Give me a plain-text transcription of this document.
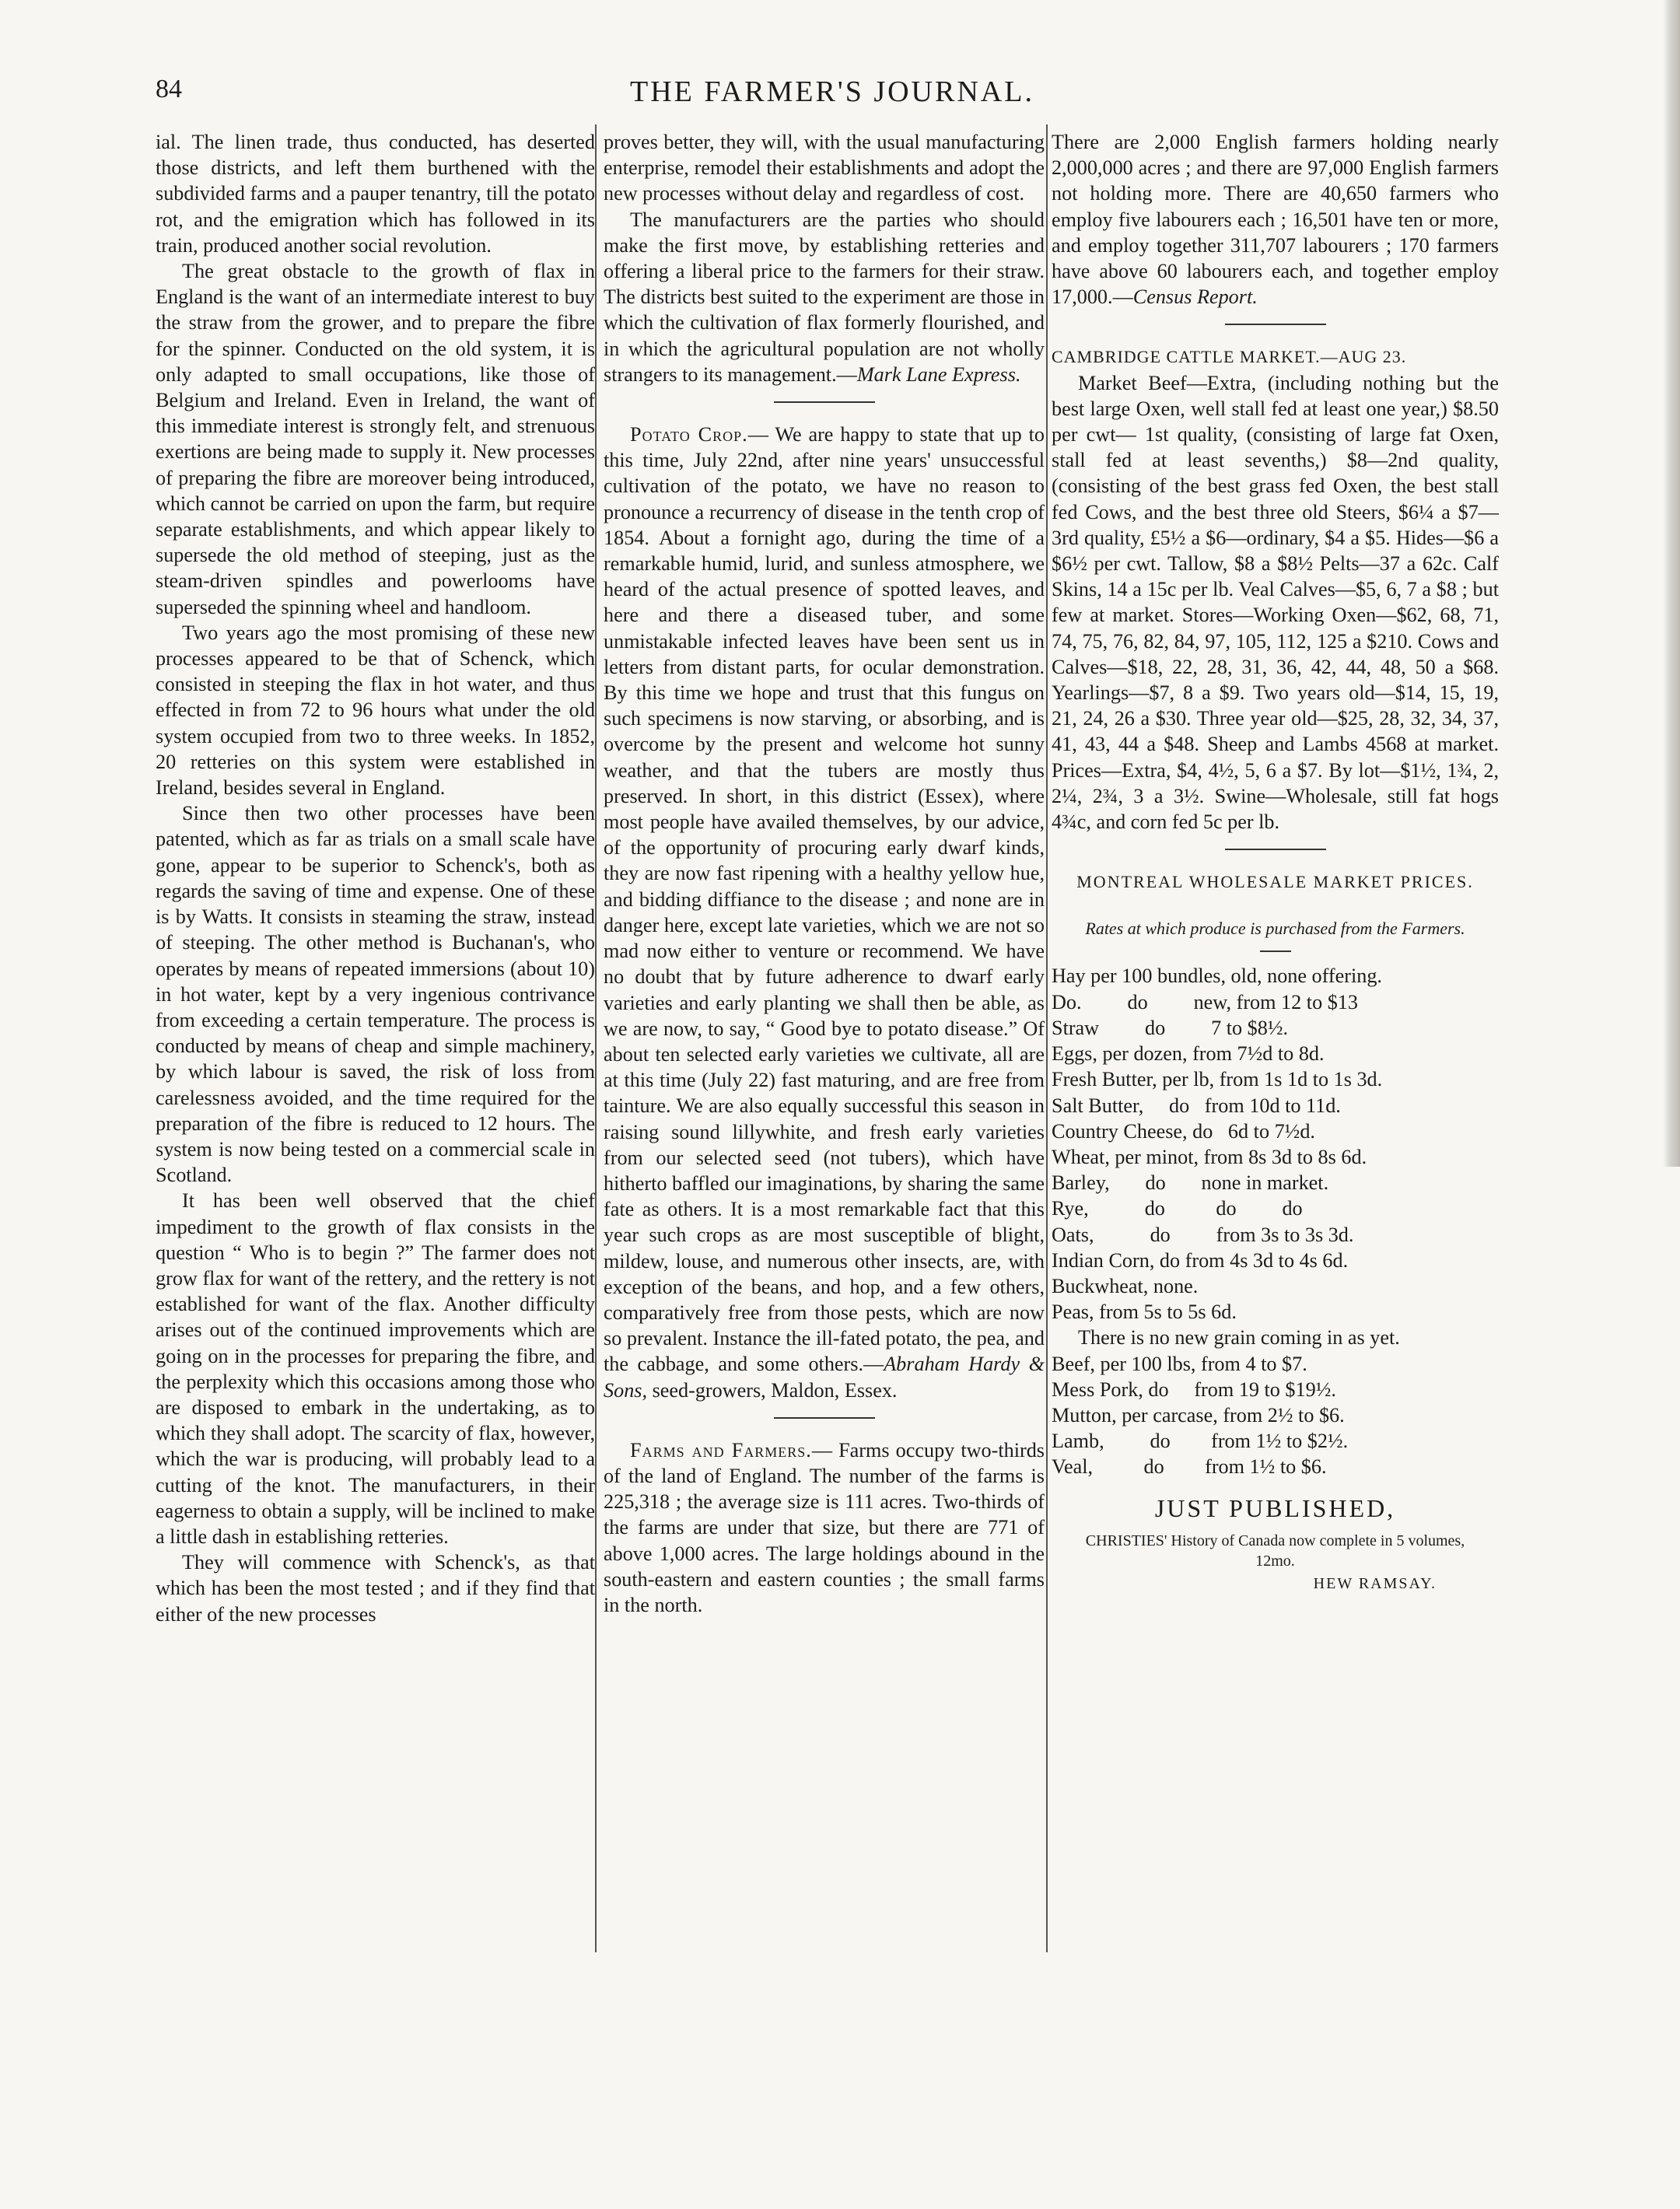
84	THE FARMER'S JOURNAL.

ial. The linen trade, thus conducted, has deserted those districts, and left them burthened with the subdivided farms and a pauper tenantry, till the potato rot, and the emigration which has followed in its train, produced another social revolution.

The great obstacle to the growth of flax in England is the want of an intermediate interest to buy the straw from the grower, and to prepare the fibre for the spinner. Conducted on the old system, it is only adapted to small occupations, like those of Belgium and Ireland. Even in Ireland, the want of this immediate interest is strongly felt, and strenuous exertions are being made to supply it. New processes of preparing the fibre are moreover being introduced, which cannot be carried on upon the farm, but require separate establishments, and which appear likely to supersede the old method of steeping, just as the steam-driven spindles and powerlooms have superseded the spinning wheel and handloom.

Two years ago the most promising of these new processes appeared to be that of Schenck, which consisted in steeping the flax in hot water, and thus effected in from 72 to 96 hours what under the old system occupied from two to three weeks. In 1852, 20 retteries on this system were established in Ireland, besides several in England.

Since then two other processes have been patented, which as far as trials on a small scale have gone, appear to be superior to Schenck's, both as regards the saving of time and expense. One of these is by Watts. It consists in steaming the straw, instead of steeping. The other method is Buchanan's, who operates by means of repeated immersions (about 10) in hot water, kept by a very ingenious contrivance from exceeding a certain temperature. The process is conducted by means of cheap and simple machinery, by which labour is saved, the risk of loss from carelessness avoided, and the time required for the preparation of the fibre is reduced to 12 hours. The system is now being tested on a commercial scale in Scotland.

It has been well observed that the chief impediment to the growth of flax consists in the question “ Who is to begin ?” The farmer does not grow flax for want of the rettery, and the rettery is not established for want of the flax. Another difficulty arises out of the continued improvements which are going on in the processes for preparing the fibre, and the perplexity which this occasions among those who are disposed to embark in the undertaking, as to which they shall adopt. The scarcity of flax, however, which the war is producing, will probably lead to a cutting of the knot. The manufacturers, in their eagerness to obtain a supply, will be inclined to make a little dash in establishing retteries.

They will commence with Schenck's, as that which has been the most tested ; and if they find that either of the new processes

proves better, they will, with the usual manufacturing enterprise, remodel their establishments and adopt the new processes without delay and regardless of cost.

The manufacturers are the parties who should make the first move, by establishing retteries and offering a liberal price to the farmers for their straw. The districts best suited to the experiment are those in which the cultivation of flax formerly flourished, and in which the agricultural population are not wholly strangers to its management.—Mark Lane Express.

Potato Crop.— We are happy to state that up to this time, July 22nd, after nine years' unsuccessful cultivation of the potato, we have no reason to pronounce a recurrency of disease in the tenth crop of 1854. About a fornight ago, during the time of a remarkable humid, lurid, and sunless atmosphere, we heard of the actual presence of spotted leaves, and here and there a diseased tuber, and some unmistakable infected leaves have been sent us in letters from distant parts, for ocular demonstration. By this time we hope and trust that this fungus on such specimens is now starving, or absorbing, and is overcome by the present and welcome hot sunny weather, and that the tubers are mostly thus preserved. In short, in this district (Essex), where most people have availed themselves, by our advice, of the opportunity of procuring early dwarf kinds, they are now fast ripening with a healthy yellow hue, and bidding diffiance to the disease ; and none are in danger here, except late varieties, which we are not so mad now either to venture or recommend. We have no doubt that by future adherence to dwarf early varieties and early planting we shall then be able, as we are now, to say, “ Good bye to potato disease.” Of about ten selected early varieties we cultivate, all are at this time (July 22) fast maturing, and are free from tainture. We are also equally successful this season in raising sound lillywhite, and fresh early varieties from our selected seed (not tubers), which have hitherto baffled our imaginations, by sharing the same fate as others. It is a most remarkable fact that this year such crops as are most susceptible of blight, mildew, louse, and numerous other insects, are, with exception of the beans, and hop, and a few others, comparatively free from those pests, which are now so prevalent. Instance the ill-fated potato, the pea, and the cabbage, and some others.—Abraham Hardy & Sons, seed-growers, Maldon, Essex.

Farms and Farmers.— Farms occupy two-thirds of the land of England. The number of the farms is 225,318 ; the average size is 111 acres. Two-thirds of the farms are under that size, but there are 771 of above 1,000 acres. The large holdings abound in the south-eastern and eastern counties ; the small farms in the north.

There are 2,000 English farmers holding nearly 2,000,000 acres ; and there are 97,000 English farmers not holding more. There are 40,650 farmers who employ five labourers each ; 16,501 have ten or more, and employ together 311,707 labourers ; 170 farmers have above 60 labourers each, and together employ 17,000.—Census Report.

CAMBRIDGE CATTLE MARKET.—AUG 23.

Market Beef—Extra, (including nothing but the best large Oxen, well stall fed at least one year,) $8.50 per cwt— 1st quality, (consisting of large fat Oxen, stall fed at least sevenths,) $8—2nd quality, (consisting of the best grass fed Oxen, the best stall fed Cows, and the best three old Steers, $6¼ a $7—3rd quality, £5½ a $6—ordinary, $4 a $5. Hides—$6 a $6½ per cwt. Tallow, $8 a $8½ Pelts—37 a 62c. Calf Skins, 14 a 15c per lb. Veal Calves—$5, 6, 7 a $8 ; but few at market. Stores—Working Oxen—$62, 68, 71, 74, 75, 76, 82, 84, 97, 105, 112, 125 a $210. Cows and Calves—$18, 22, 28, 31, 36, 42, 44, 48, 50 a $68. Yearlings—$7, 8 a $9. Two years old—$14, 15, 19, 21, 24, 26 a $30. Three year old—$25, 28, 32, 34, 37, 41, 43, 44 a $48. Sheep and Lambs 4568 at market. Prices—Extra, $4, 4½, 5, 6 a $7. By lot—$1½, 1¾, 2, 2¼, 2¾, 3 a 3½. Swine—Wholesale, still fat hogs 4¾c, and corn fed 5c per lb.

MONTREAL WHOLESALE MARKET PRICES.

Rates at which produce is purchased from the Farmers.

Hay per 100 bundles, old, none offering.

Do.         do         new, from 12 to $13

Straw         do         7 to $8½.

Eggs, per dozen, from 7½d to 8d.

Fresh Butter, per lb, from 1s 1d to 1s 3d.

Salt Butter,     do   from 10d to 11d.

Country Cheese, do   6d to 7½d.

Wheat, per minot, from 8s 3d to 8s 6d.

Barley,       do       none in market.

Rye,           do          do         do

Oats,           do         from 3s to 3s 3d.

Indian Corn, do from 4s 3d to 4s 6d.

Buckwheat, none.

Peas, from 5s to 5s 6d.

There is no new grain coming in as yet.

Beef, per 100 lbs, from 4 to $7.

Mess Pork, do     from 19 to $19½.

Mutton, per carcase, from 2½ to $6.

Lamb,         do        from 1½ to $2½.

Veal,          do        from 1½ to $6.

JUST PUBLISHED,

CHRISTIES' History of Canada now complete in 5 volumes, 12mo.

HEW RAMSAY.
